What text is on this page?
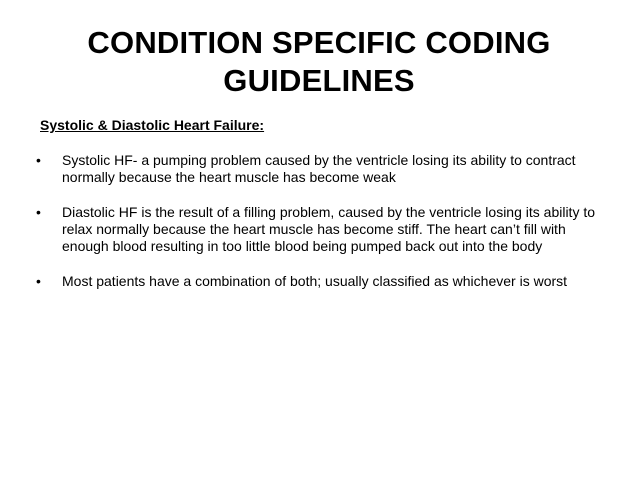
CONDITION SPECIFIC CODING
GUIDELINES
Systolic & Diastolic Heart Failure:
• Systolic HF- a pumping problem caused by the ventricle losing its ability to contract normally because the heart muscle has become weak
• Diastolic HF is the result of a filling problem, caused by the ventricle losing its ability to relax normally because the heart muscle has become stiff. The heart can’t fill with enough blood resulting in too little blood being pumped back out into the body
• Most patients have a combination of both; usually classified as whichever is worst
